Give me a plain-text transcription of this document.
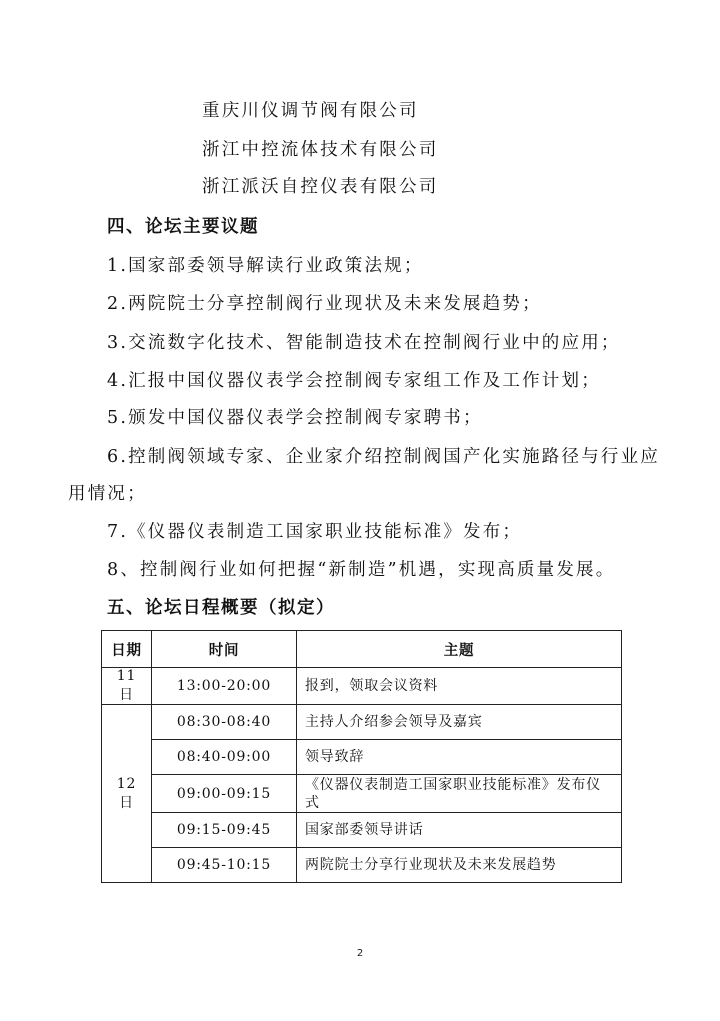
重庆川仪调节阀有限公司
浙江中控流体技术有限公司
浙江派沃自控仪表有限公司
四、论坛主要议题
1.国家部委领导解读行业政策法规；
2.两院院士分享控制阀行业现状及未来发展趋势；
3.交流数字化技术、智能制造技术在控制阀行业中的应用；
4.汇报中国仪器仪表学会控制阀专家组工作及工作计划；
5.颁发中国仪器仪表学会控制阀专家聘书；
6.控制阀领域专家、企业家介绍控制阀国产化实施路径与行业应
用情况；
7.《仪器仪表制造工国家职业技能标准》发布；
8、控制阀行业如何把握“新制造”机遇，实现高质量发展。
五、论坛日程概要（拟定）
日期	时间	主题
11 日	13:00-20:00	报到，领取会议资料
12 日	08:30-08:40	主持人介绍参会领导及嘉宾
	08:40-09:00	领导致辞
	09:00-09:15	《仪器仪表制造工国家职业技能标准》发布仪式
	09:15-09:45	国家部委领导讲话
	09:45-10:15	两院院士分享行业现状及未来发展趋势
2
